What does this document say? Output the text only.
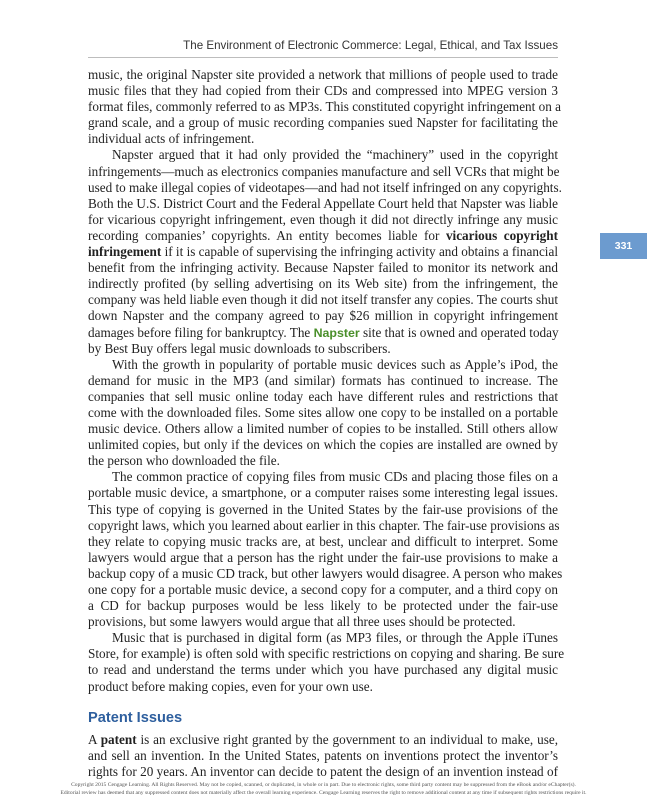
The Environment of Electronic Commerce: Legal, Ethical, and Tax Issues
331
music, the original Napster site provided a network that millions of people used to trade
music files that they had copied from their CDs and compressed into MPEG version 3
format files, commonly referred to as MP3s. This constituted copyright infringement on a
grand scale, and a group of music recording companies sued Napster for facilitating the
individual acts of infringement.
Napster argued that it had only provided the “machinery” used in the copyright
infringements—much as electronics companies manufacture and sell VCRs that might be
used to make illegal copies of videotapes—and had not itself infringed on any copyrights.
Both the U.S. District Court and the Federal Appellate Court held that Napster was liable
for vicarious copyright infringement, even though it did not directly infringe any music
recording companies’ copyrights. An entity becomes liable for vicarious copyright
infringement if it is capable of supervising the infringing activity and obtains a financial
benefit from the infringing activity. Because Napster failed to monitor its network and
indirectly profited (by selling advertising on its Web site) from the infringement, the
company was held liable even though it did not itself transfer any copies. The courts shut
down Napster and the company agreed to pay $26 million in copyright infringement
damages before filing for bankruptcy. The Napster site that is owned and operated today
by Best Buy offers legal music downloads to subscribers.
With the growth in popularity of portable music devices such as Apple’s iPod, the
demand for music in the MP3 (and similar) formats has continued to increase. The
companies that sell music online today each have different rules and restrictions that
come with the downloaded files. Some sites allow one copy to be installed on a portable
music device. Others allow a limited number of copies to be installed. Still others allow
unlimited copies, but only if the devices on which the copies are installed are owned by
the person who downloaded the file.
The common practice of copying files from music CDs and placing those files on a
portable music device, a smartphone, or a computer raises some interesting legal issues.
This type of copying is governed in the United States by the fair-use provisions of the
copyright laws, which you learned about earlier in this chapter. The fair-use provisions as
they relate to copying music tracks are, at best, unclear and difficult to interpret. Some
lawyers would argue that a person has the right under the fair-use provisions to make a
backup copy of a music CD track, but other lawyers would disagree. A person who makes
one copy for a portable music device, a second copy for a computer, and a third copy on
a CD for backup purposes would be less likely to be protected under the fair-use
provisions, but some lawyers would argue that all three uses should be protected.
Music that is purchased in digital form (as MP3 files, or through the Apple iTunes
Store, for example) is often sold with specific restrictions on copying and sharing. Be sure
to read and understand the terms under which you have purchased any digital music
product before making copies, even for your own use.
Patent Issues
A patent is an exclusive right granted by the government to an individual to make, use,
and sell an invention. In the United States, patents on inventions protect the inventor’s
rights for 20 years. An inventor can decide to patent the design of an invention instead of
Copyright 2015 Cengage Learning. All Rights Reserved. May not be copied, scanned, or duplicated, in whole or in part. Due to electronic rights, some third party content may be suppressed from the eBook and/or eChapter(s).
Editorial review has deemed that any suppressed content does not materially affect the overall learning experience. Cengage Learning reserves the right to remove additional content at any time if subsequent rights restrictions require it.
